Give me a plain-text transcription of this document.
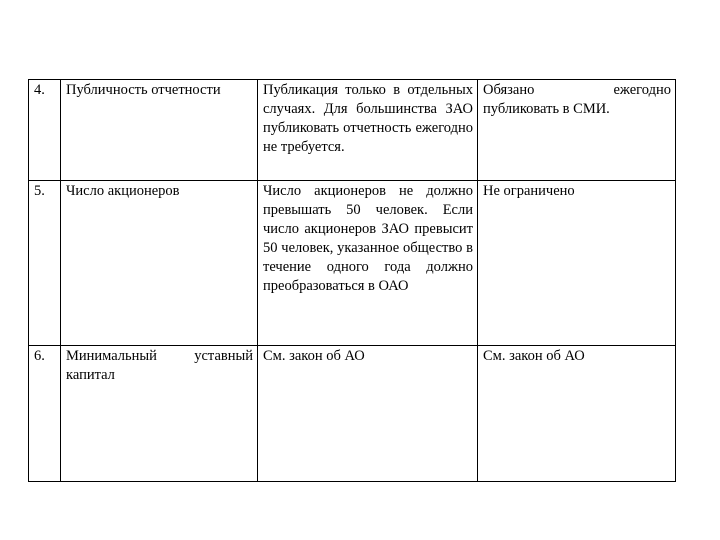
4.	Публичность отчетности	Публикация только в отдельных случаях. Для большинства ЗАО публиковать отчетность ежегодно не требуется.	Обязано ежегодно публиковать в СМИ.
5.	Число акционеров	Число акционеров не должно превышать 50 человек. Если число акционеров ЗАО превысит 50 человек, указанное общество в течение одного года должно преобразоваться в ОАО	Не ограничено
6.	Минимальный уставный капитал	См. закон об АО	См. закон об АО
